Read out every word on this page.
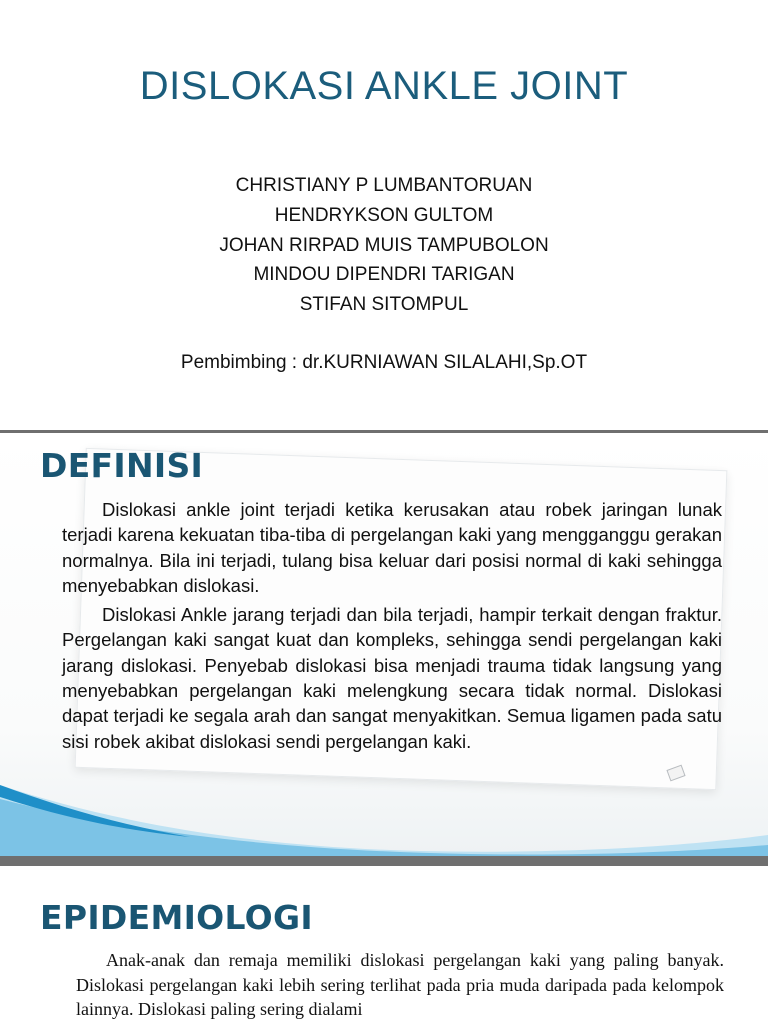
DISLOKASI ANKLE JOINT
CHRISTIANY P LUMBANTORUAN
HENDRYKSON GULTOM
JOHAN RIRPAD MUIS TAMPUBOLON
MINDOU DIPENDRI TARIGAN
STIFAN SITOMPUL
Pembimbing : dr.KURNIAWAN SILALAHI,Sp.OT
DEFINISI

Dislokasi ankle joint terjadi ketika kerusakan atau robek jaringan lunak terjadi karena kekuatan tiba-tiba di pergelangan kaki yang mengganggu gerakan normalnya. Bila ini terjadi, tulang bisa keluar dari posisi normal di kaki sehingga menyebabkan dislokasi.

Dislokasi Ankle jarang terjadi dan bila terjadi, hampir terkait dengan fraktur. Pergelangan kaki sangat kuat dan kompleks, sehingga sendi pergelangan kaki jarang dislokasi. Penyebab dislokasi bisa menjadi trauma tidak langsung yang menyebabkan pergelangan kaki melengkung secara tidak normal. Dislokasi dapat terjadi ke segala arah dan sangat menyakitkan. Semua ligamen pada satu sisi robek akibat dislokasi sendi pergelangan kaki.

EPIDEMIOLOGI

Anak-anak dan remaja memiliki dislokasi pergelangan kaki yang paling banyak. Dislokasi pergelangan kaki lebih sering terlihat pada pria muda daripada pada kelompok lainnya. Dislokasi paling sering dialami
